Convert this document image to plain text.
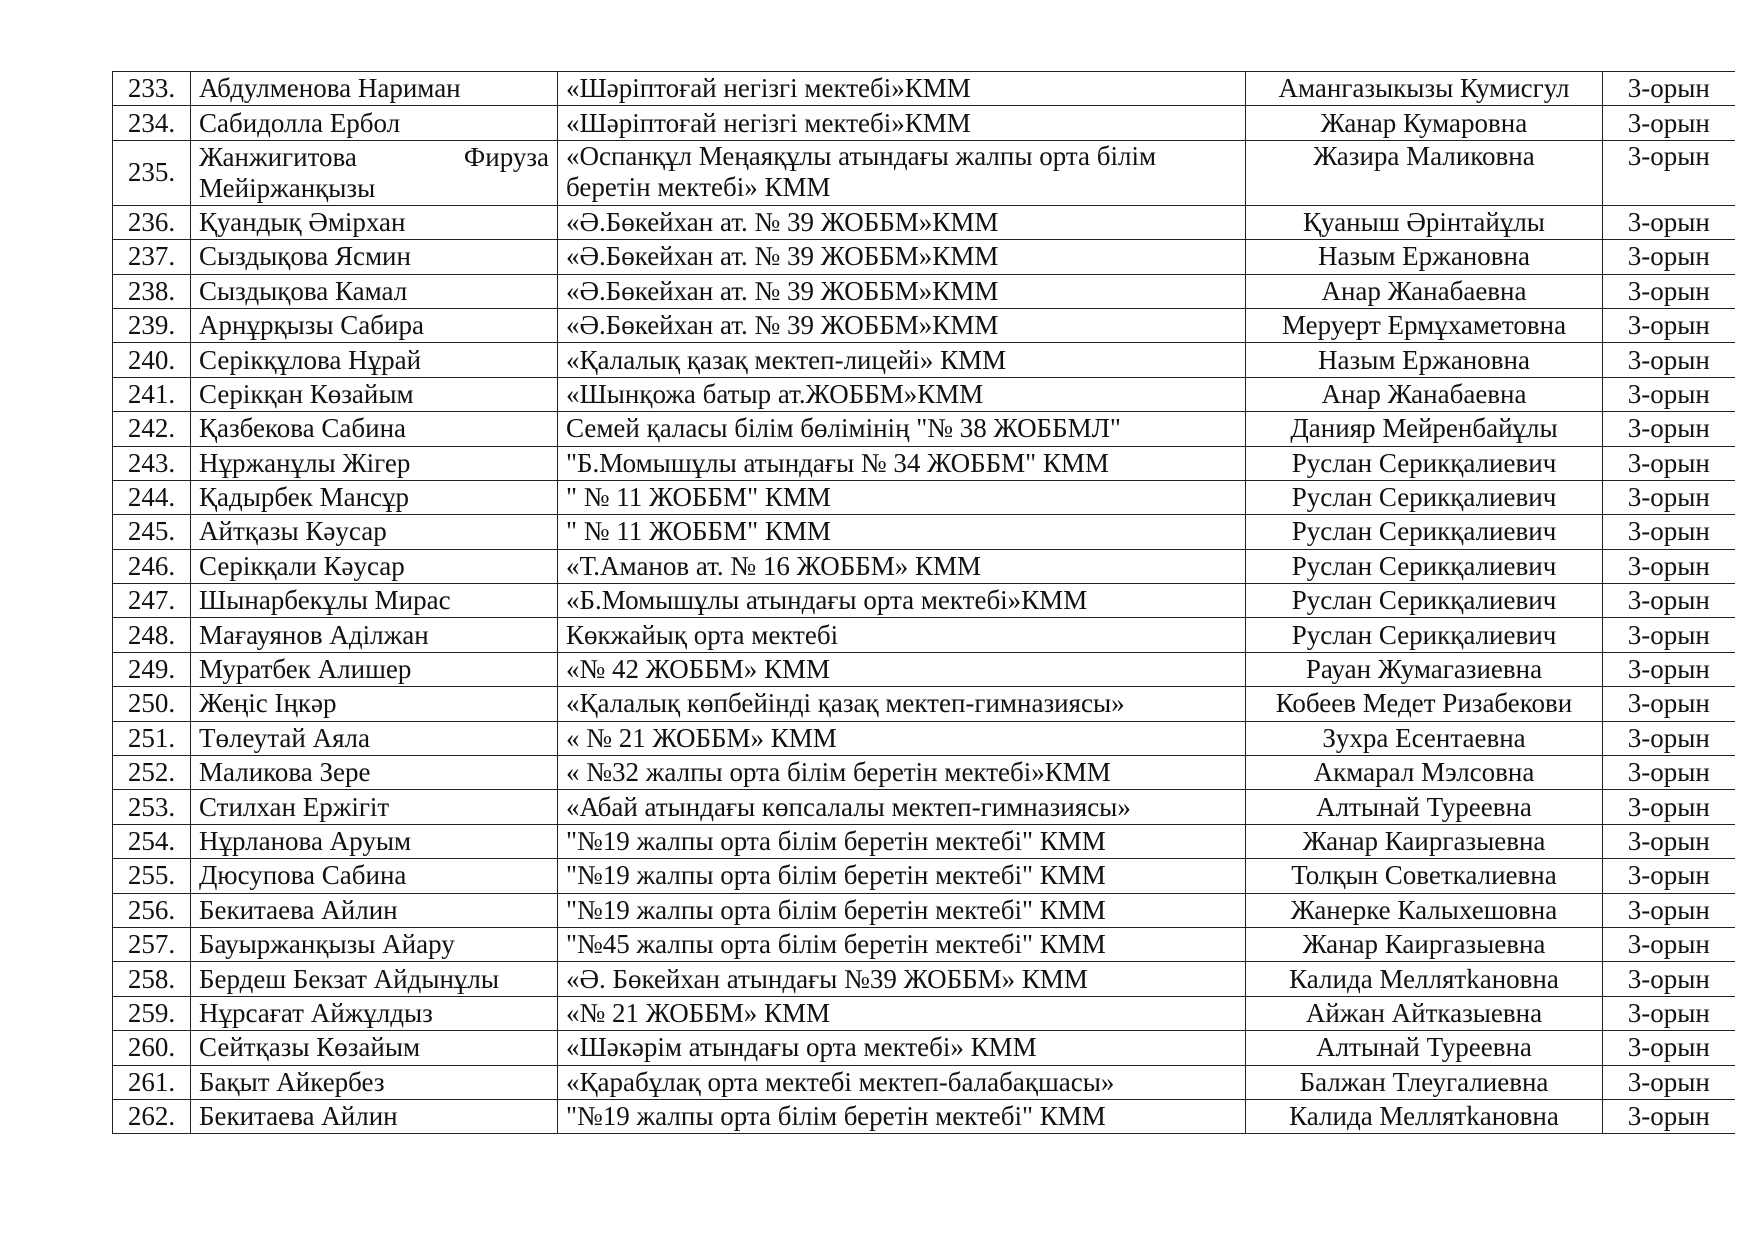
233.	Абдулменова Нариман	«Шәріптоғай негізгі мектебі»КММ	Амангазыкызы Кумисгул	3-орын
234.	Сабидолла Ербол	«Шәріптоғай негізгі мектебі»КММ	Жанар Кумаровна	3-орын
235.	Жанжигитова Фируза
Мейіржанқызы	«Оспанқұл Меңаяқұлы атындағы жалпы орта білім беретін мектебі» КММ	Жазира Маликовна	3-орын
236.	Қуандық Әмірхан	«Ә.Бөкейхан ат. № 39 ЖОББМ»КММ	Қуаныш Әрінтайұлы	3-орын
237.	Сыздықова Ясмин	«Ә.Бөкейхан ат. № 39 ЖОББМ»КММ	Назым Ержановна	3-орын
238.	Сыздықова Камал	«Ә.Бөкейхан ат. № 39 ЖОББМ»КММ	Анар Жанабаевна	3-орын
239.	Арнұрқызы Сабира	«Ә.Бөкейхан ат. № 39 ЖОББМ»КММ	Меруерт Ермұхаметовна	3-орын
240.	Серікқұлова Нұрай	«Қалалық қазақ мектеп-лицейі» КММ	Назым Ержановна	3-орын
241.	Серікқан Көзайым	«Шынқожа батыр ат.ЖОББМ»КММ	Анар Жанабаевна	3-орын
242.	Қазбекова Сабина	Семей қаласы білім бөлімінің "№ 38 ЖОББМЛ"	Данияр Мейренбайұлы	3-орын
243.	Нұржанұлы Жігер	"Б.Момышұлы атындағы № 34 ЖОББМ" КММ	Руслан Серикқалиевич	3-орын
244.	Қадырбек Мансұр	" № 11 ЖОББМ" КММ	Руслан Серикқалиевич	3-орын
245.	Айтқазы Кәусар	" № 11 ЖОББМ" КММ	Руслан Серикқалиевич	3-орын
246.	Серікқали Кәусар	«Т.Аманов ат. № 16 ЖОББМ» КММ	Руслан Серикқалиевич	3-орын
247.	Шынарбекұлы Мирас	«Б.Момышұлы атындағы орта мектебі»КММ	Руслан Серикқалиевич	3-орын
248.	Мағауянов Аділжан	Көкжайық орта мектебі	Руслан Серикқалиевич	3-орын
249.	Муратбек Алишер	«№ 42 ЖОББМ» КММ	Рауан Жумагазиевна	3-орын
250.	Жеңіс Іңкәр	«Қалалық көпбейінді қазақ мектеп-гимназиясы»	Кобеев Медет Ризабекови	3-орын
251.	Төлеутай Аяла	« № 21 ЖОББМ» КММ	Зухра Есентаевна	3-орын
252.	Маликова Зере	« №32 жалпы орта білім беретін мектебі»КММ	Акмарал Мэлсовна	3-орын
253.	Стилхан Ержігіт	«Абай атындағы көпсалалы мектеп-гимназиясы»	Алтынай Туреевна	3-орын
254.	Нұрланова Аруым	"№19 жалпы орта білім беретін мектебі" КММ	Жанар Каиргазыевна	3-орын
255.	Дюсупова Сабина	"№19 жалпы орта білім беретін мектебі" КММ	Толқын Советкалиевна	3-орын
256.	Бекитаева Айлин	"№19 жалпы орта білім беретін мектебі" КММ	Жанерке Калыхешовна	3-орын
257.	Бауыржанқызы Айару	"№45 жалпы орта білім беретін мектебі" КММ	Жанар Каиргазыевна	3-орын
258.	Бердеш Бекзат Айдынұлы	«Ә. Бөкейхан атындағы №39 ЖОББМ» КММ	Калида Меллятkановна	3-орын
259.	Нұрсағат Айжұлдыз	«№ 21 ЖОББМ» КММ	Айжан Айтказыевна	3-орын
260.	Сейтқазы Көзайым	«Шәкәрім атындағы орта мектебі» КММ	Алтынай Туреевна	3-орын
261.	Бақыт Айкербез	«Қарабұлақ орта мектебі мектеп-балабақшасы»	Балжан Тлеугалиевна	3-орын
262.	Бекитаева Айлин	"№19 жалпы орта білім беретін мектебі" КММ	Калида Меллятkановна	3-орын
